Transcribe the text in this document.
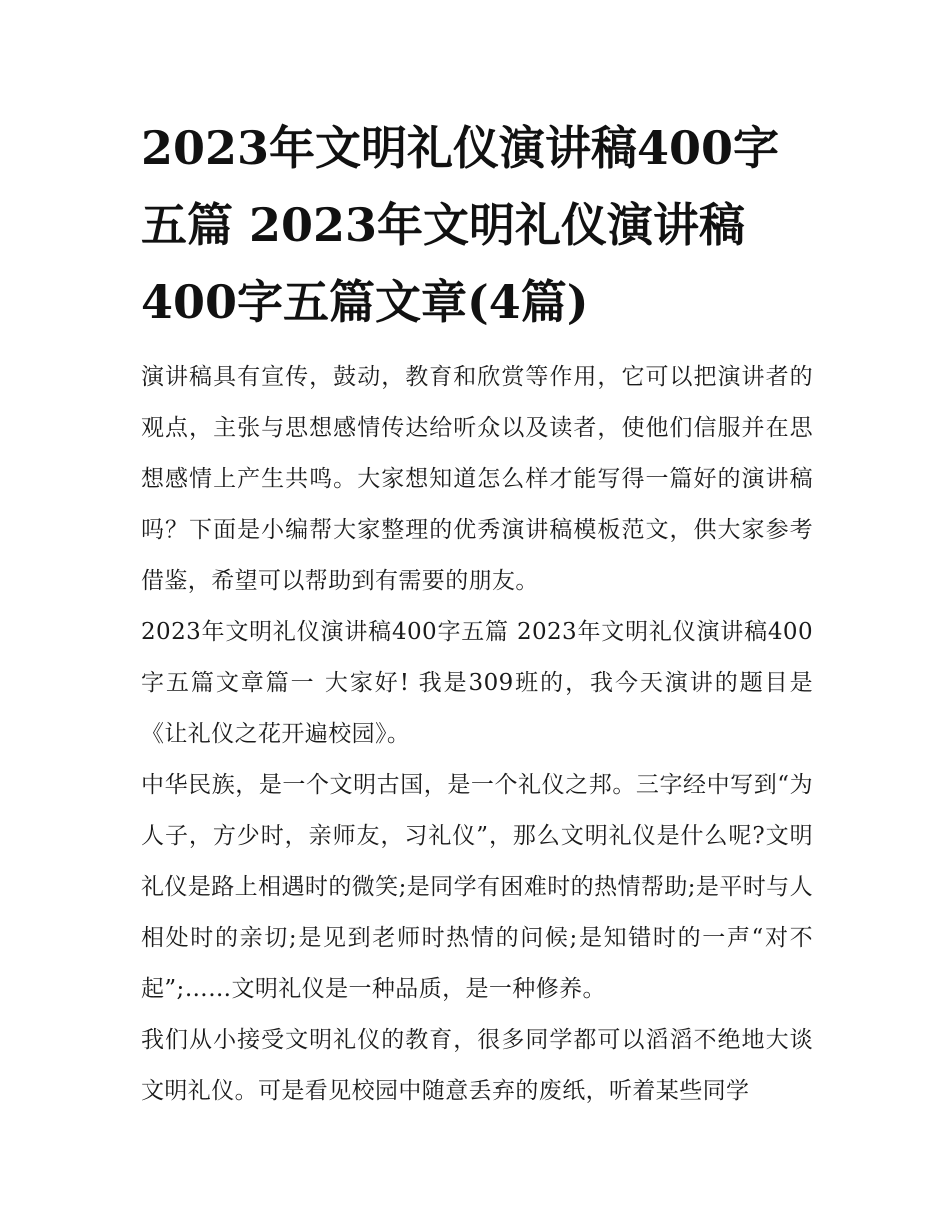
2023年文明礼仪演讲稿400字五篇 2023年文明礼仪演讲稿400字五篇文章(4篇)

演讲稿具有宣传，鼓动，教育和欣赏等作用，它可以把演讲者的观点，主张与思想感情传达给听众以及读者，使他们信服并在思想感情上产生共鸣。大家想知道怎么样才能写得一篇好的演讲稿吗？下面是小编帮大家整理的优秀演讲稿模板范文，供大家参考借鉴，希望可以帮助到有需要的朋友。

2023年文明礼仪演讲稿400字五篇 2023年文明礼仪演讲稿400字五篇文章篇一 大家好! 我是309班的，我今天演讲的题目是《让礼仪之花开遍校园》。

中华民族，是一个文明古国，是一个礼仪之邦。三字经中写到“为人子，方少时，亲师友，习礼仪”，那么文明礼仪是什么呢?文明礼仪是路上相遇时的微笑;是同学有困难时的热情帮助;是平时与人相处时的亲切;是见到老师时热情的问候;是知错时的一声“对不起”;……文明礼仪是一种品质，是一种修养。

我们从小接受文明礼仪的教育，很多同学都可以滔滔不绝地大谈文明礼仪。可是看见校园中随意丢弃的废纸，听着某些同学
